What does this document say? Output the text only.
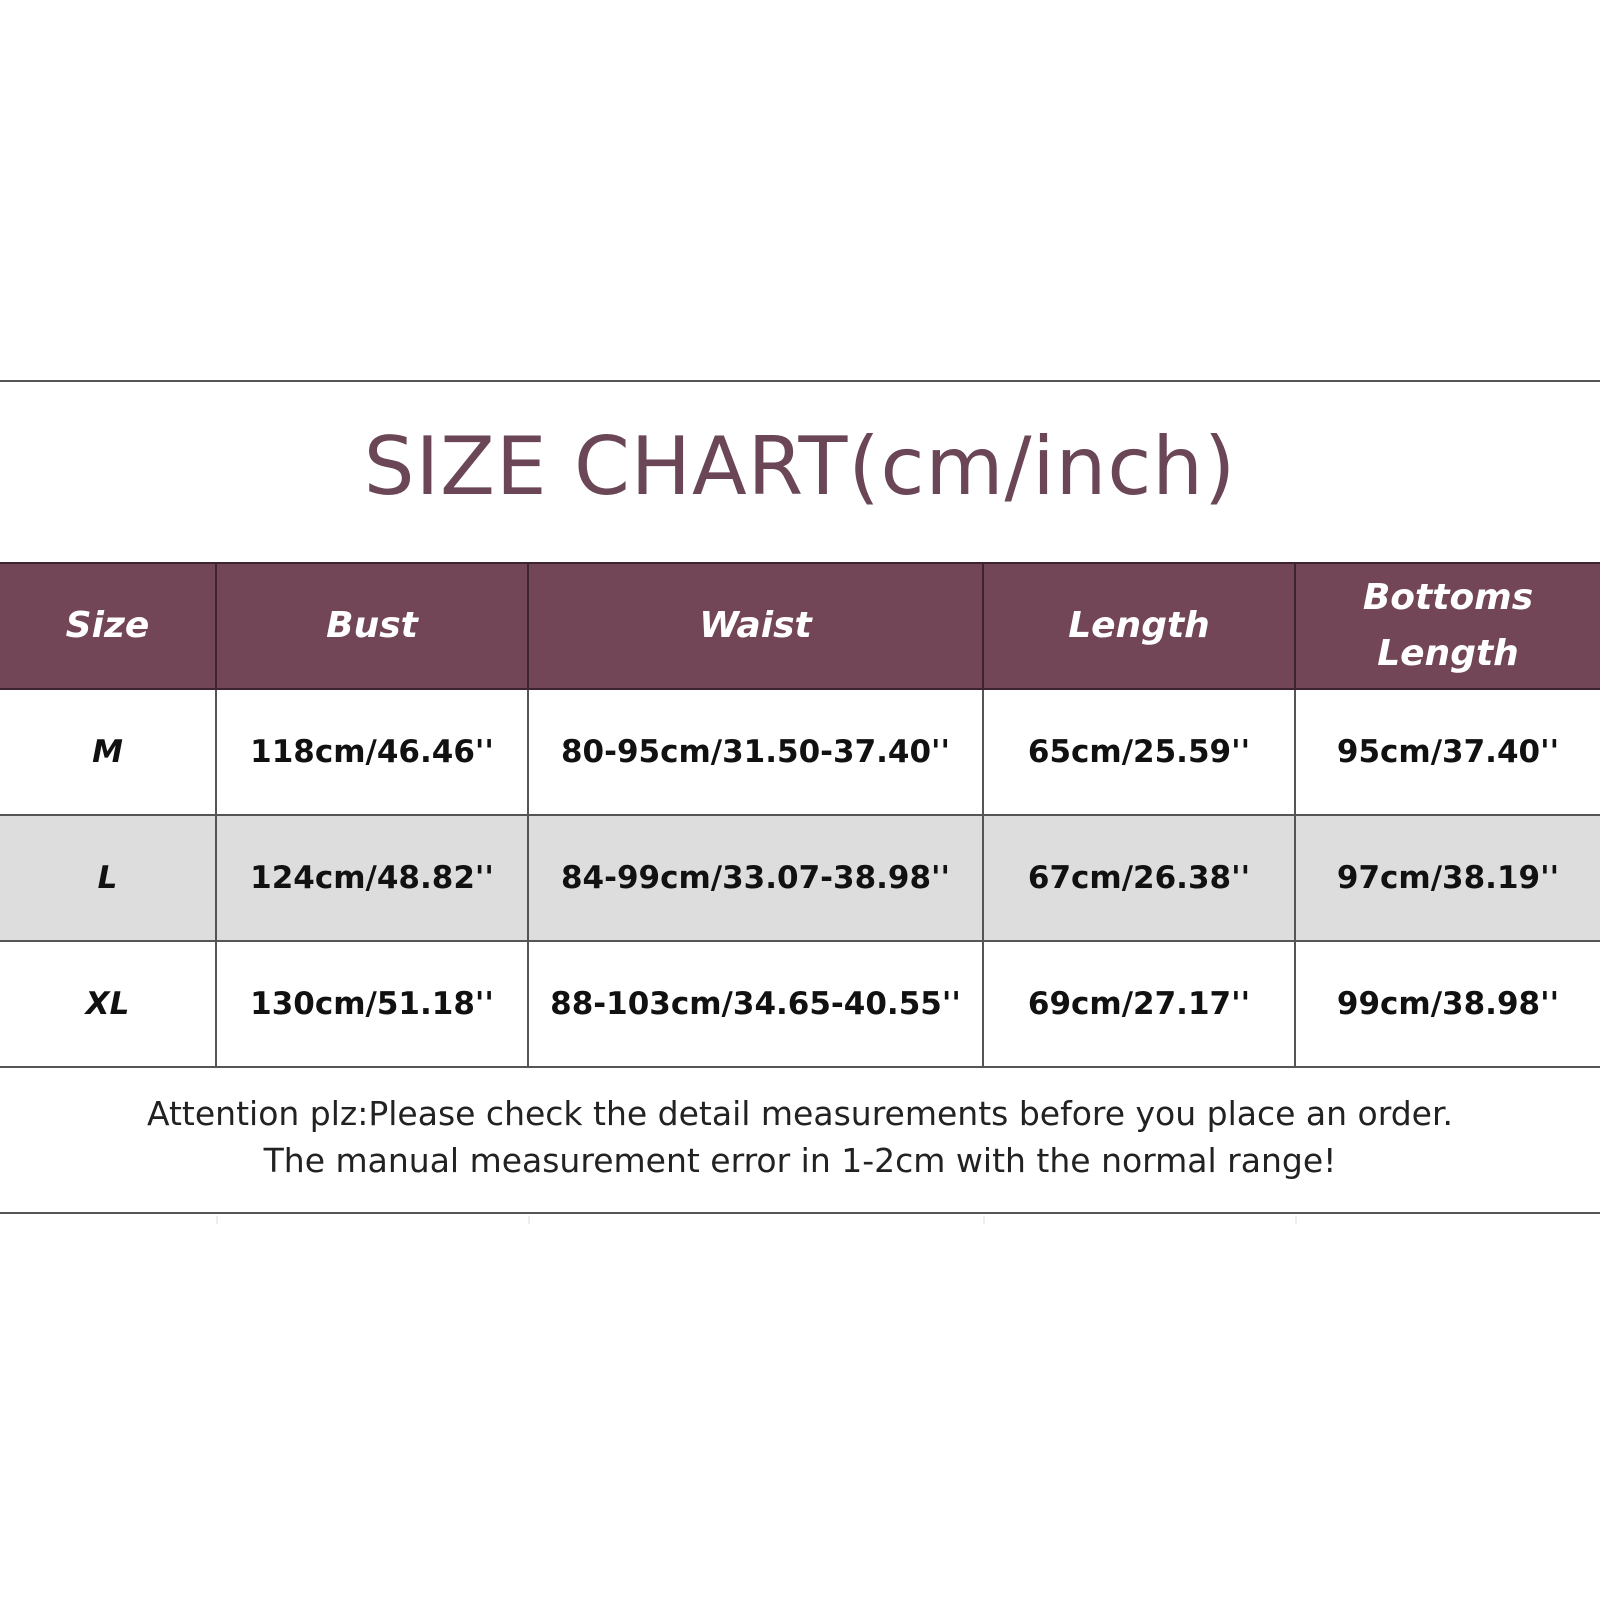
SIZE CHART(cm/inch)
Size	Bust	Waist	Length	Bottoms
Length
M	118cm/46.46''	80-95cm/31.50-37.40''	65cm/25.59''	95cm/37.40''
L	124cm/48.82''	84-99cm/33.07-38.98''	67cm/26.38''	97cm/38.19''
XL	130cm/51.18''	88-103cm/34.65-40.55''	69cm/27.17''	99cm/38.98''
Attention plz:Please check the detail measurements before you place an order.
The manual measurement error in 1-2cm with the normal range!
